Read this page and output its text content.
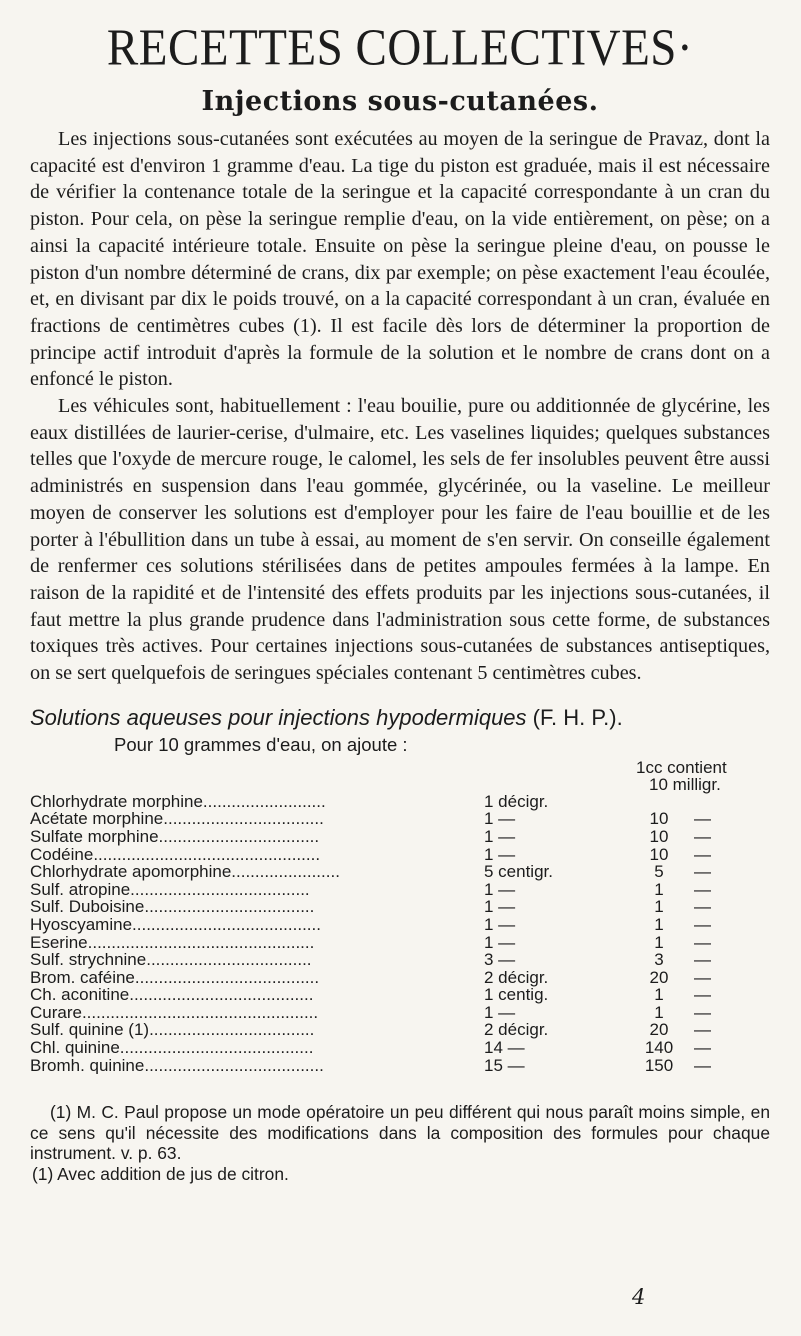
RECETTES COLLECTIVES·
Injections sous-cutanées.

Les injections sous-cutanées sont exécutées au moyen de la seringue de Pravaz, dont la capacité est d'environ 1 gramme d'eau. La tige du piston est graduée, mais il est nécessaire de vérifier la contenance totale de la seringue et la capacité correspondante à un cran du piston. Pour cela, on pèse la seringue remplie d'eau, on la vide entièrement, on pèse; on a ainsi la capacité intérieure totale. Ensuite on pèse la seringue pleine d'eau, on pousse le piston d'un nombre déterminé de crans, dix par exemple; on pèse exactement l'eau écoulée, et, en divisant par dix le poids trouvé, on a la capacité correspondant à un cran, évaluée en fractions de centimètres cubes (1). Il est facile dès lors de déterminer la proportion de principe actif introduit d'après la formule de la solution et le nombre de crans dont on a enfoncé le piston.

Les véhicules sont, habituellement : l'eau bouilie, pure ou additionnée de glycérine, les eaux distillées de laurier-cerise, d'ulmaire, etc. Les vaselines liquides; quelques substances telles que l'oxyde de mercure rouge, le calomel, les sels de fer insolubles peuvent être aussi administrés en suspension dans l'eau gommée, glycérinée, ou la vaseline. Le meilleur moyen de conserver les solutions est d'employer pour les faire de l'eau bouillie et de les porter à l'ébullition dans un tube à essai, au moment de s'en servir. On conseille également de renfermer ces solutions stérilisées dans de petites ampoules fermées à la lampe. En raison de la rapidité et de l'intensité des effets produits par les injections sous-cutanées, il faut mettre la plus grande prudence dans l'administration sous cette forme, de substances toxiques très actives. Pour certaines injections sous-cutanées de substances antiseptiques, on se sert quelquefois de seringues spéciales contenant 5 centimètres cubes.

Solutions aqueuses pour injections hypodermiques (F. H. P.).
Pour 10 grammes d'eau, on ajoute :
1cc contient
10 milligr.
Chlorhydrate morphine..........................	1 décigr.
Acétate morphine..................................	1 —	10	—
Sulfate morphine..................................	1 —	10	—
Codéine................................................	1 —	10	—
Chlorhydrate apomorphine.......................	5 centigr.	5	—
Sulf. atropine......................................	1 —	1	—
Sulf. Duboisine....................................	1 —	1	—
Hyoscyamine........................................	1 —	1	—
Eserine................................................	1 —	1	—
Sulf. strychnine...................................	3 —	3	—
Brom. caféine.......................................	2 décigr.	20	—
Ch. aconitine.......................................	1 centig.	1	—
Curare..................................................	1 —	1	—
Sulf. quinine (1)...................................	2 décigr.	20	—
Chl. quinine.........................................	14 —	140 —
Bromh. quinine......................................	15 —	150 —

(1) M. C. Paul propose un mode opératoire un peu différent qui nous paraît moins simple, en ce sens qu'il nécessite des modifications dans la composition des formules pour chaque instrument. v. p. 63.

(1) Avec addition de jus de citron.

4
